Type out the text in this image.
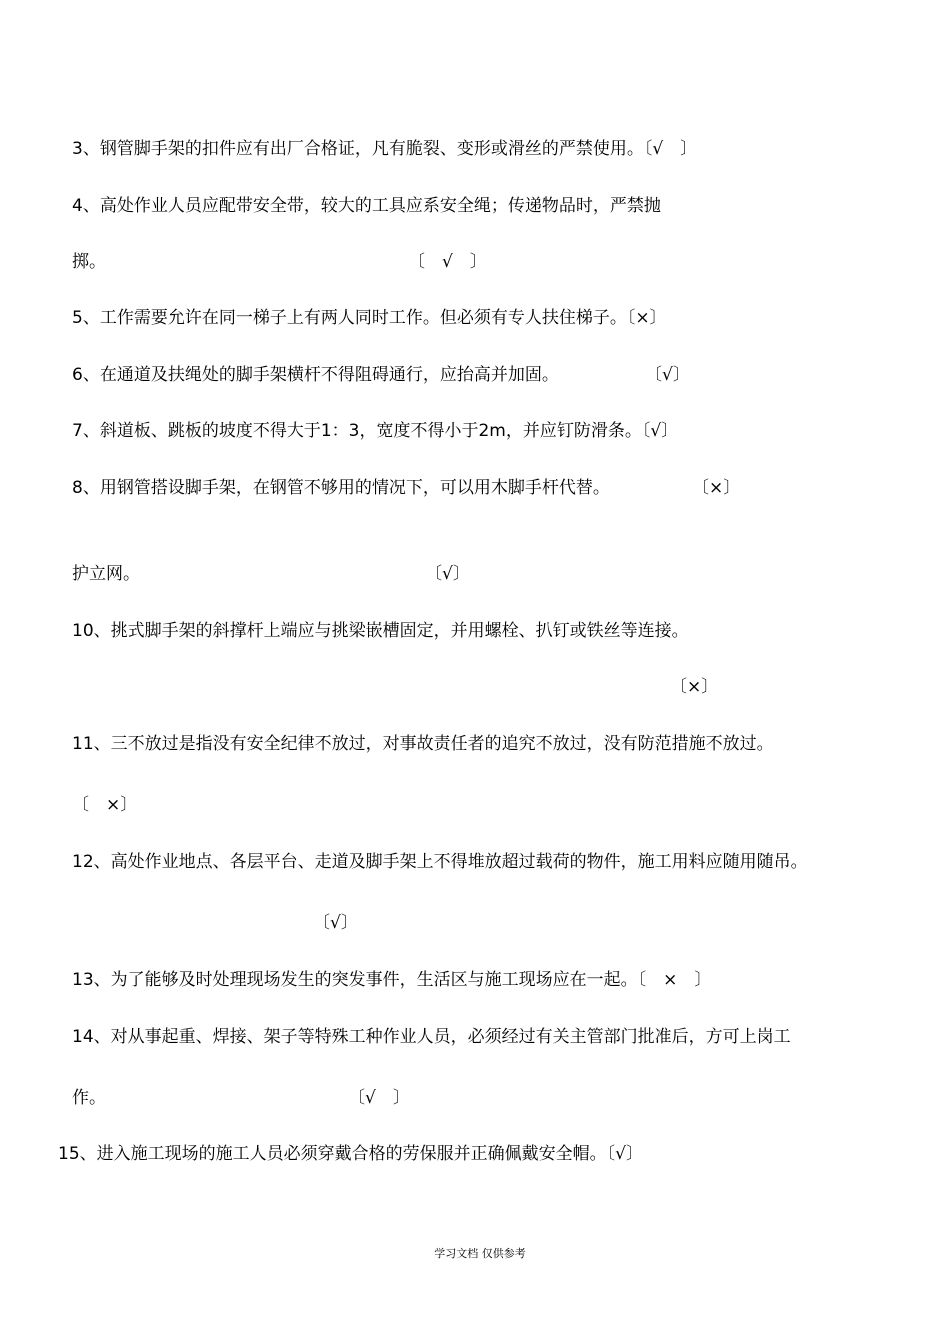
3、钢管脚手架的扣件应有出厂合格证，凡有脆裂、变形或滑丝的严禁使用。〔√　〕
4、高处作业人员应配带安全带，较大的工具应系安全绳；传递物品时，严禁抛
掷。	〔　√　〕
5、工作需要允许在同一梯子上有两人同时工作。但必须有专人扶住梯子。〔×〕
6、在通道及扶绳处的脚手架横杆不得阻碍通行，应抬高并加固。	〔√〕
7、斜道板、跳板的坡度不得大于1：3，宽度不得小于2m，并应钉防滑条。〔√〕
8、用钢管搭设脚手架，在钢管不够用的情况下，可以用木脚手杆代替。	〔×〕
护立网。	〔√〕
10、挑式脚手架的斜撑杆上端应与挑梁嵌槽固定，并用螺栓、扒钉或铁丝等连接。
〔×〕
11、三不放过是指没有安全纪律不放过，对事故责任者的追究不放过，没有防范措施不放过。
〔　×〕
12、高处作业地点、各层平台、走道及脚手架上不得堆放超过载荷的物件，施工用料应随用随吊。
〔√〕
13、为了能够及时处理现场发生的突发事件，生活区与施工现场应在一起。〔　×　〕
14、对从事起重、焊接、架子等特殊工种作业人员，必须经过有关主管部门批准后，方可上岗工
作。	〔√　〕
15、进入施工现场的施工人员必须穿戴合格的劳保服并正确佩戴安全帽。〔√〕
学习文档 仅供参考
